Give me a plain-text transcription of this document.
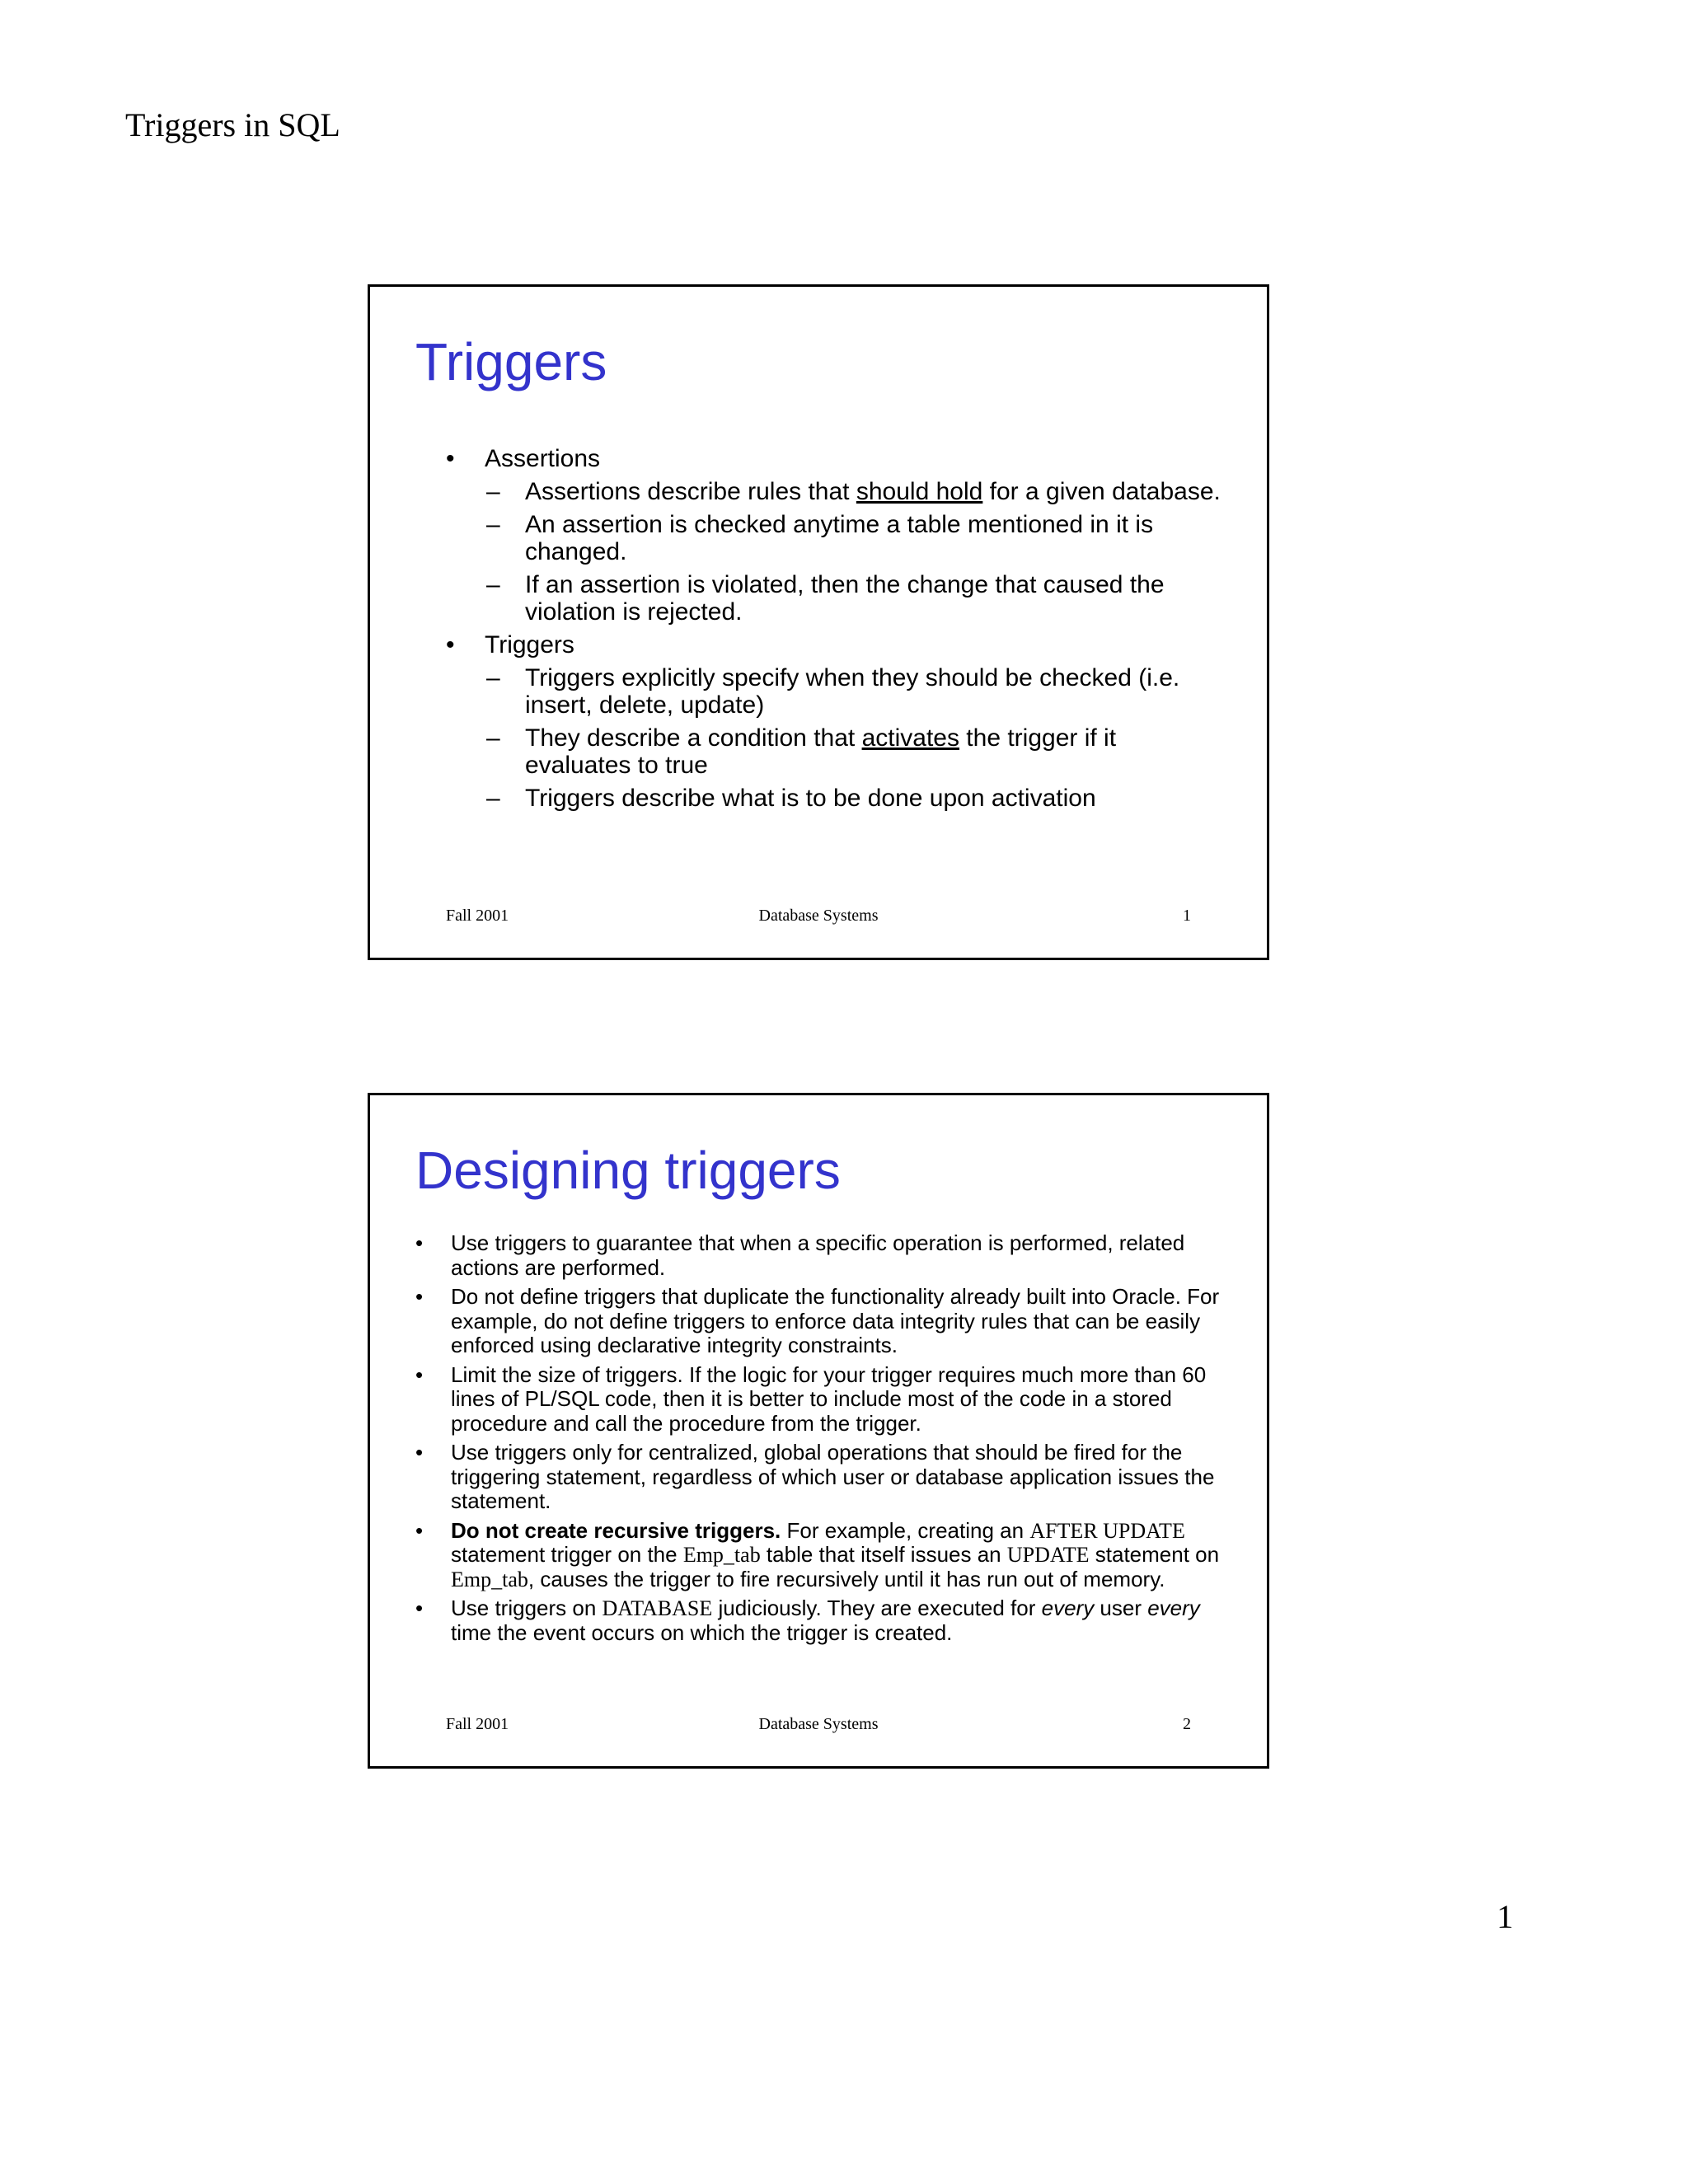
Triggers in SQL
Triggers
• Assertions
– Assertions describe rules that should hold for a given database.
– An assertion is checked anytime a table mentioned in it is changed.
– If an assertion is violated, then the change that caused the violation is rejected.
• Triggers
– Triggers explicitly specify when they should be checked (i.e. insert, delete, update)
– They describe a condition that activates the trigger if it evaluates to true
– Triggers describe what is to be done upon activation
Fall 2001	Database Systems	1
Designing triggers
• Use triggers to guarantee that when a specific operation is performed, related actions are performed.
• Do not define triggers that duplicate the functionality already built into Oracle. For example, do not define triggers to enforce data integrity rules that can be easily enforced using declarative integrity constraints.
• Limit the size of triggers. If the logic for your trigger requires much more than 60 lines of PL/SQL code, then it is better to include most of the code in a stored procedure and call the procedure from the trigger.
• Use triggers only for centralized, global operations that should be fired for the triggering statement, regardless of which user or database application issues the statement.
• Do not create recursive triggers. For example, creating an AFTER UPDATE statement trigger on the Emp_tab table that itself issues an UPDATE statement on Emp_tab, causes the trigger to fire recursively until it has run out of memory.
• Use triggers on DATABASE judiciously. They are executed for every user every time the event occurs on which the trigger is created.
Fall 2001	Database Systems	2
1
